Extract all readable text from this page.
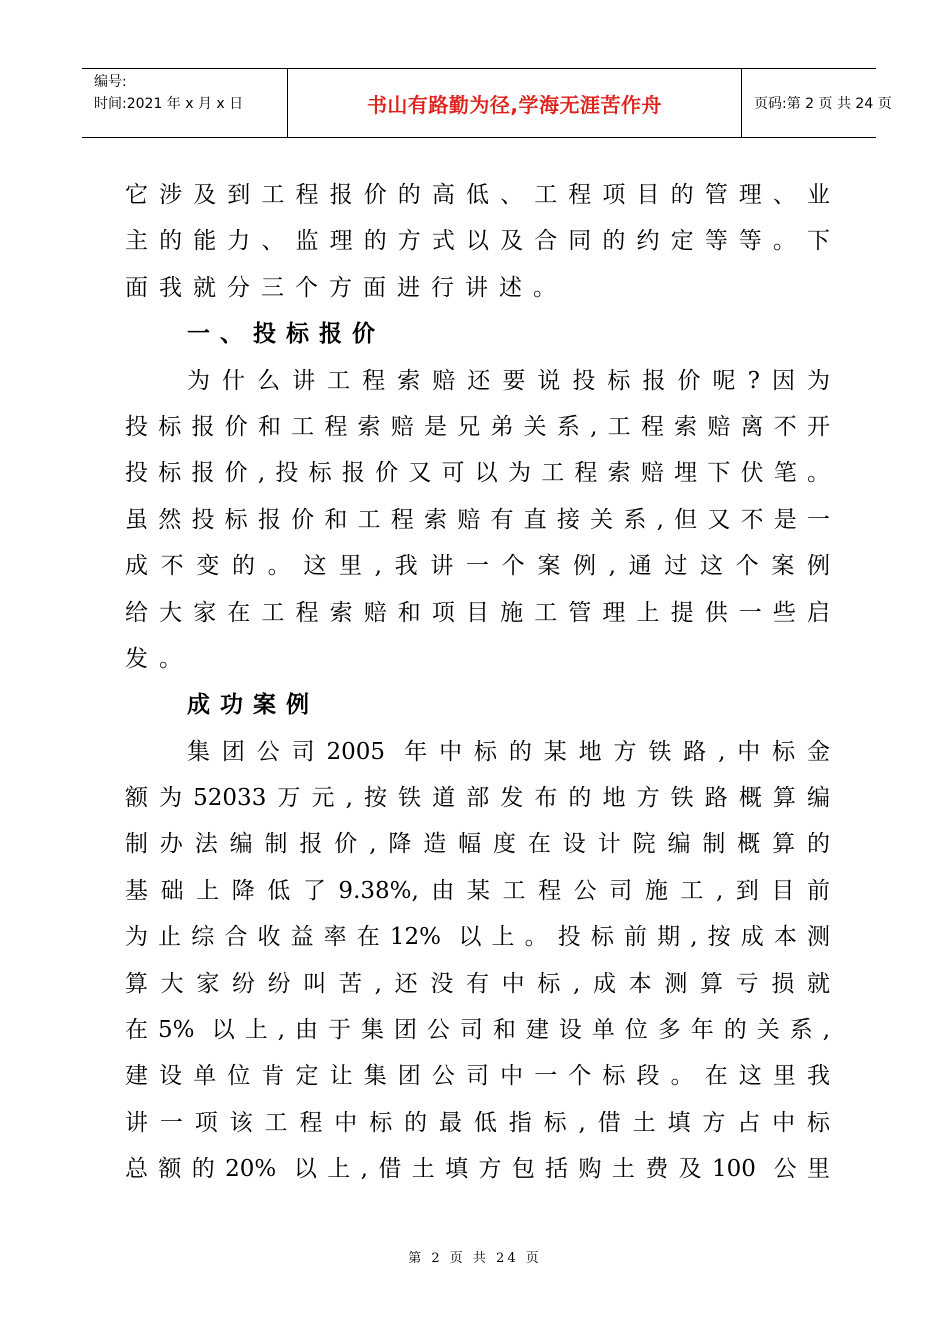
编号:
时间:2021 年 x 月 x 日	书山有路勤为径,学海无涯苦作舟	页码:第 2 页 共 24 页
它涉及到工程报价的高低、工程项目的管理、业
主的能力、监理的方式以及合同的约定等等。下
面我就分三个方面进行讲述。
一、投标报价
为什么讲工程索赔还要说投标报价呢?因为
投标报价和工程索赔是兄弟关系,工程索赔离不开
投标报价,投标报价又可以为工程索赔埋下伏笔。
虽然投标报价和工程索赔有直接关系,但又不是一
成不变的。这里,我讲一个案例,通过这个案例
给大家在工程索赔和项目施工管理上提供一些启
发。
成功案例
集团公司2005 年中标的某地方铁路,中标金
额为52033万元,按铁道部发布的地方铁路概算编
制办法编制报价,降造幅度在设计院编制概算的
基础上降低了9.38%,由某工程公司施工,到目前
为止综合收益率在12% 以上。投标前期,按成本测
算大家纷纷叫苦,还没有中标,成本测算亏损就
在5% 以上,由于集团公司和建设单位多年的关系,
建设单位肯定让集团公司中一个标段。在这里我
讲一项该工程中标的最低指标,借土填方占中标
总额的20% 以上,借土填方包括购土费及100 公里
第 2 页 共 24 页
